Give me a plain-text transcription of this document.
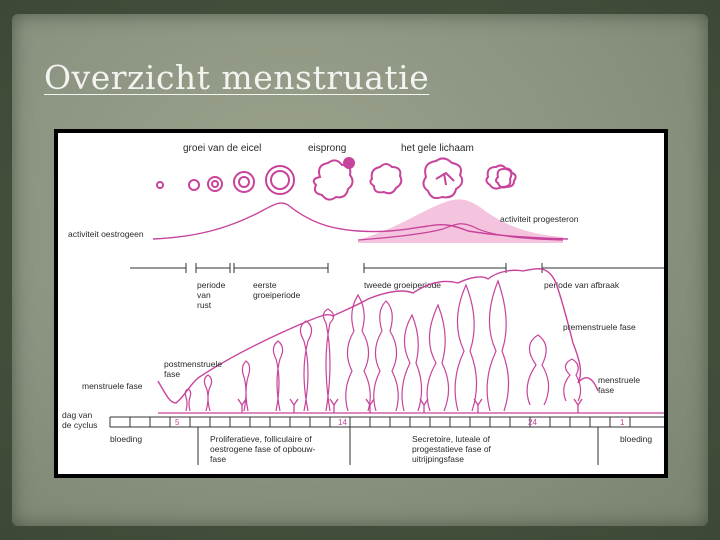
Overzicht menstruatie
groei van de eicel	eisprong	het gele lichaam
activiteit oestrogeen
activiteit progesteron
periode
van
rust
eerste
groeiperiode
tweede groeiperiode	periode van afbraak
premenstruele fase
postmenstruele
fase
menstruele fase
menstruele
fase
dag van
de cyclus	5	14	24	1
bloeding	Proliferatieve, folliculaire of
oestrogene fase of opbouw-
fase
Secretoire, luteale of
progestatieve fase of
uitrijpingsfase
bloeding
